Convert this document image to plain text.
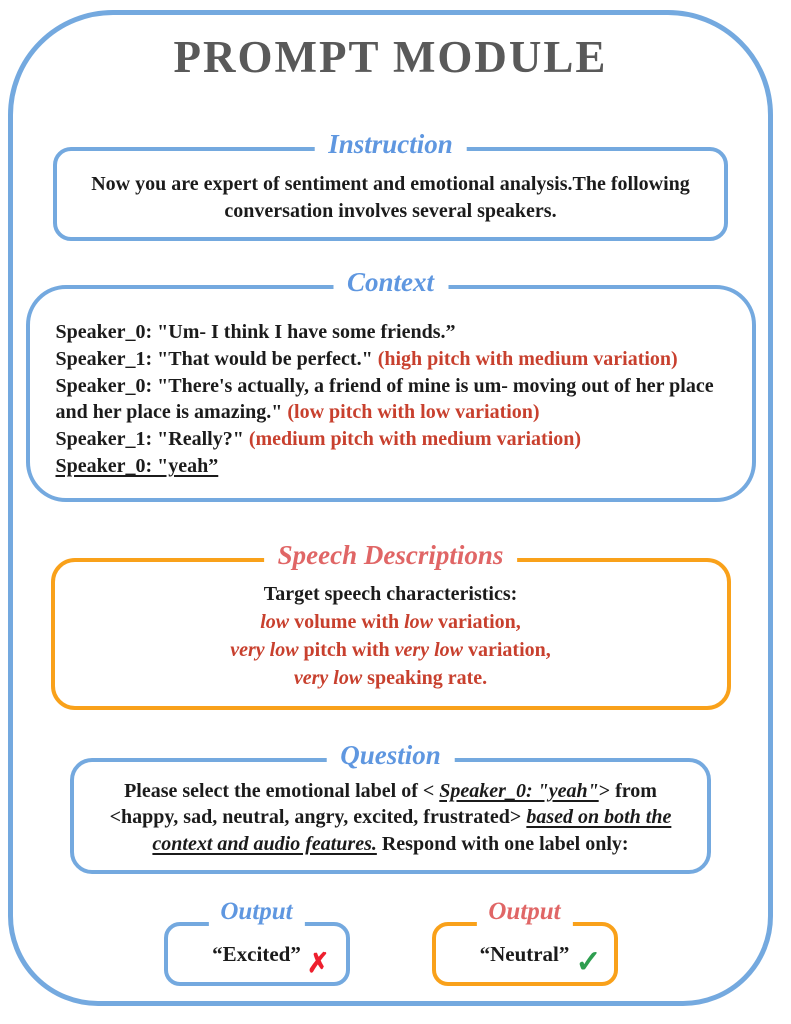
PROMPT MODULE
Instruction
Now you are expert of sentiment and emotional analysis.The following conversation involves several speakers.
Context
Speaker_0: "Um- I think I have some friends.”
Speaker_1: "That would be perfect." (high pitch with medium variation)
Speaker_0: "There's actually, a friend of mine is um- moving out of her place and her place is amazing." (low pitch with low variation)
Speaker_1: "Really?" (medium pitch with medium variation)
Speaker_0: "yeah”
Speech Descriptions
Target speech characteristics:
low volume with low variation,
very low pitch with very low variation,
very low speaking rate.
Question
Please select the emotional label of < Speaker_0: "yeah"> from <happy, sad, neutral, angry, excited, frustrated> based on both the context and audio features. Respond with one label only:
Output
“Excited” ✗
Output
“Neutral” ✓
